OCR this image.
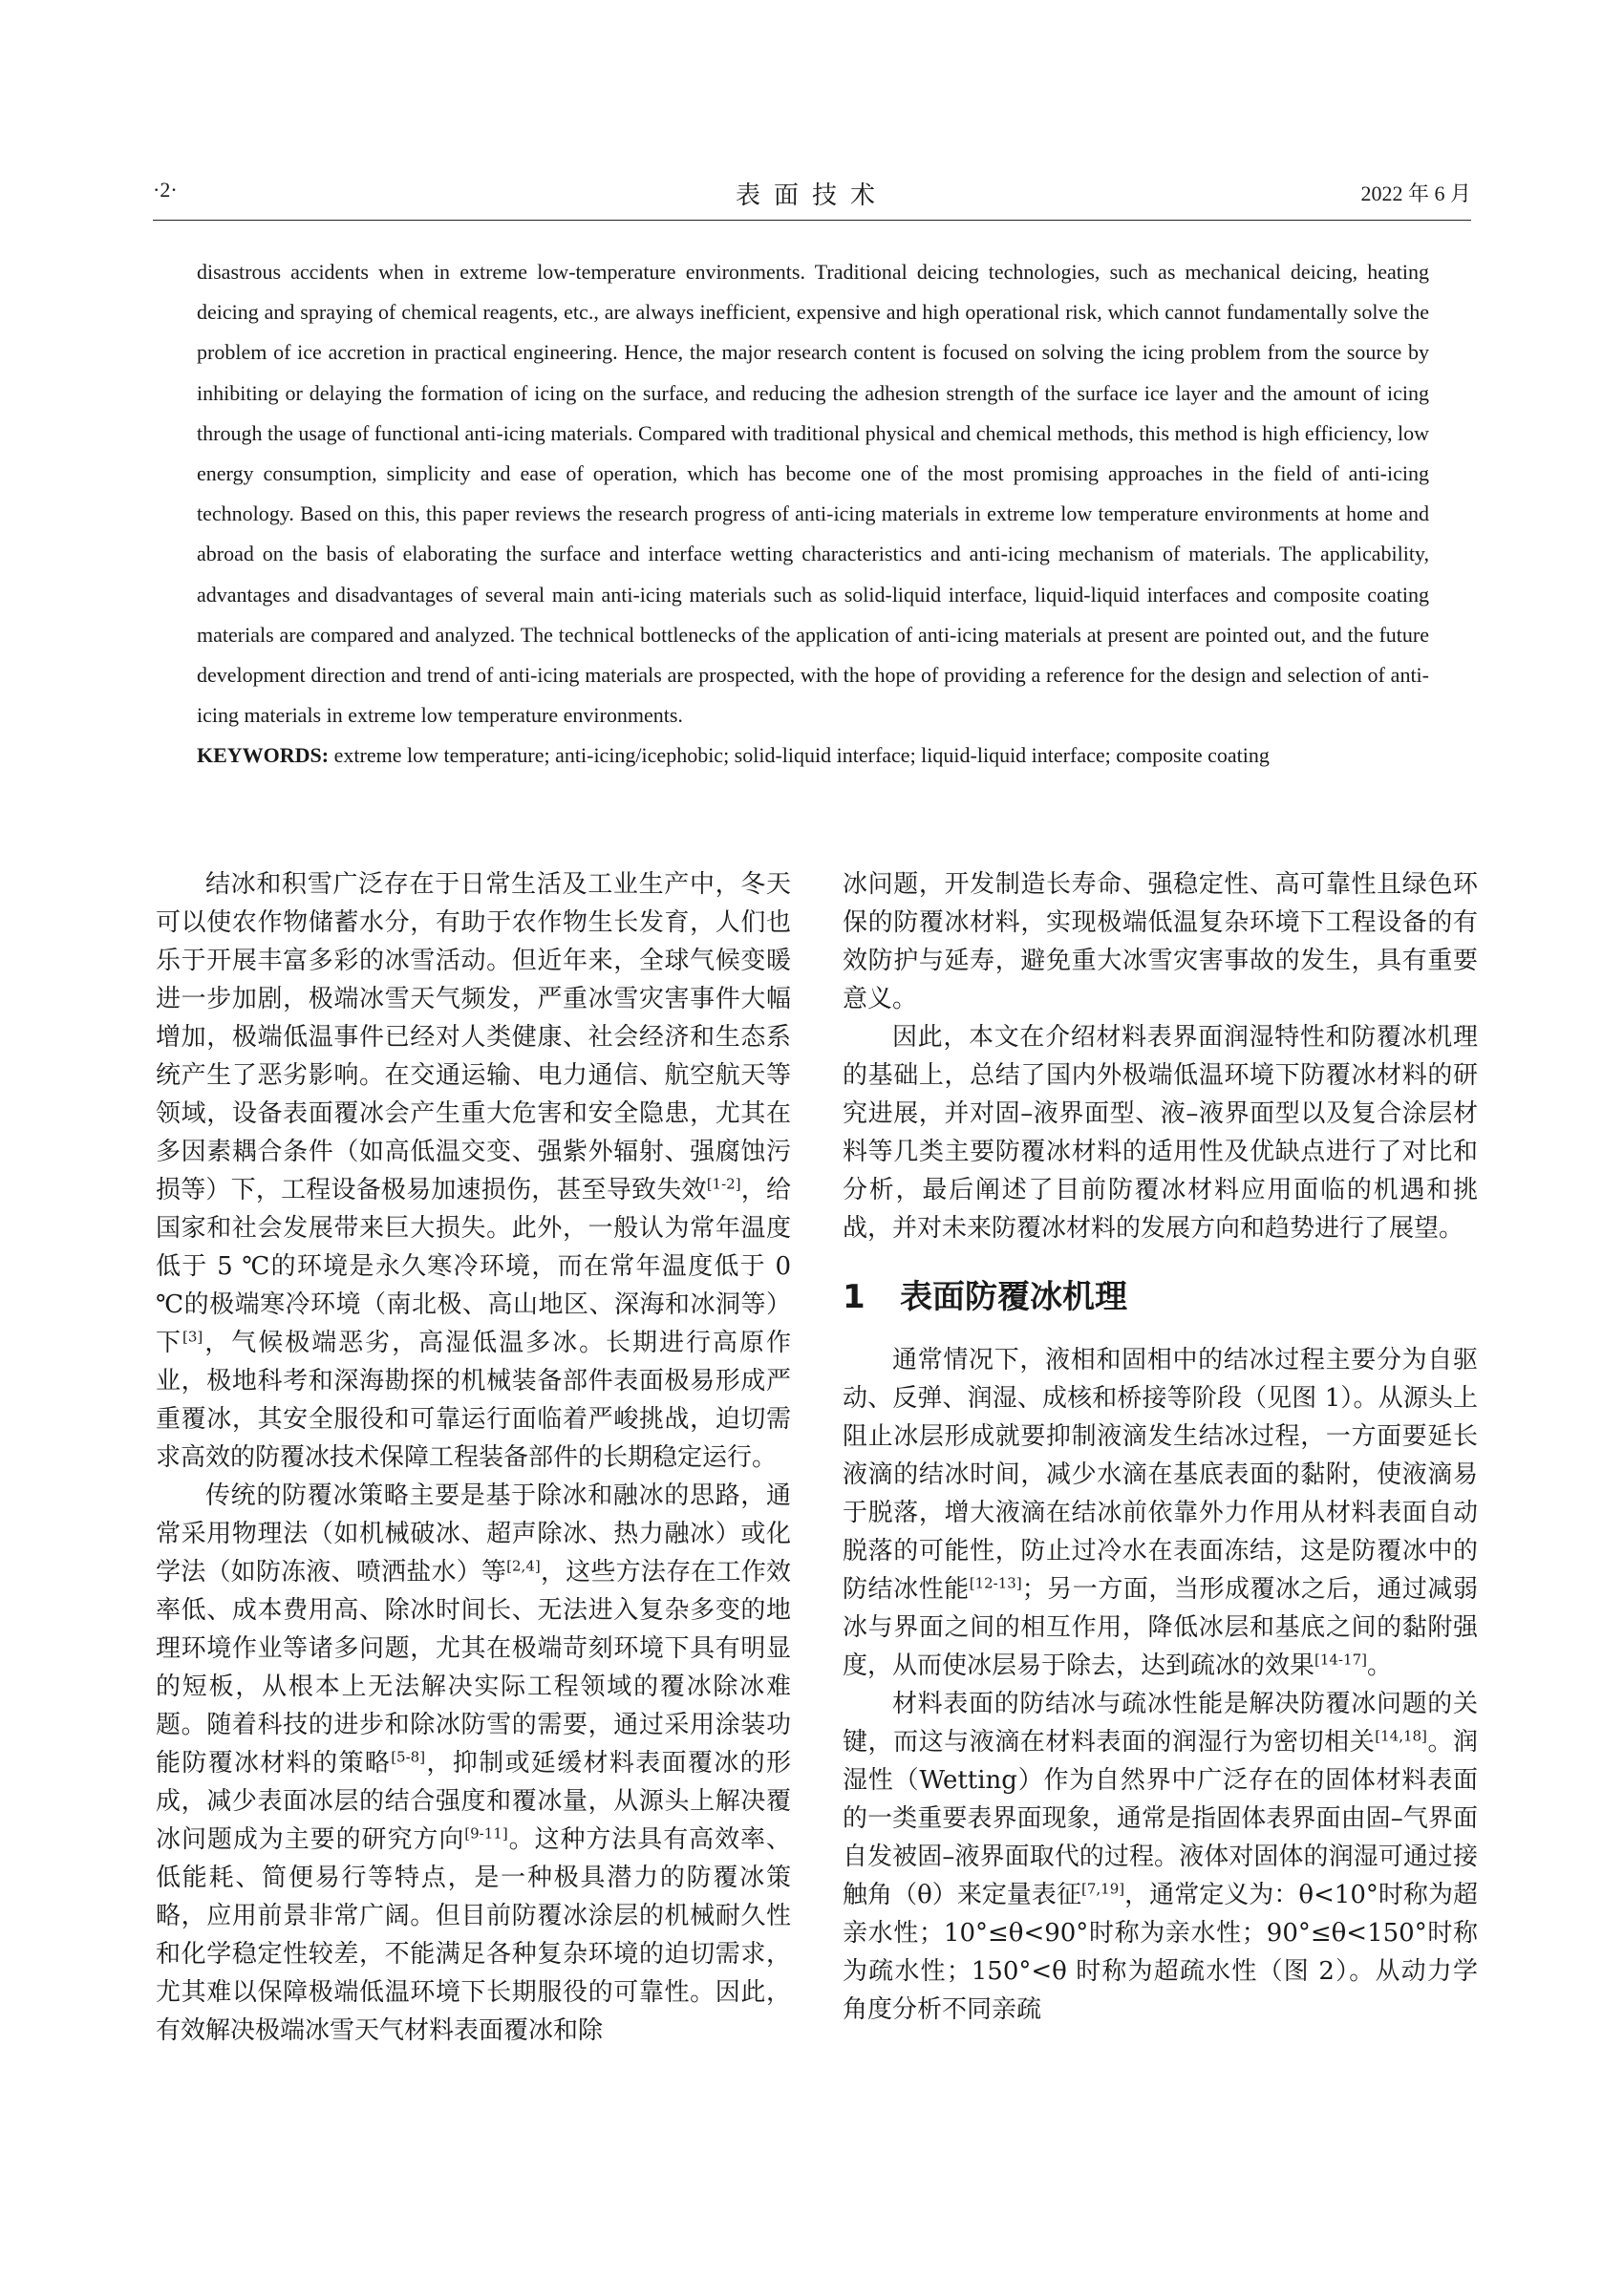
·2·	表面技术	2022 年 6 月

disastrous accidents when in extreme low-temperature environments. Traditional deicing technologies, such as mechanical deicing, heating deicing and spraying of chemical reagents, etc., are always inefficient, expensive and high operational risk, which cannot fundamentally solve the problem of ice accretion in practical engineering. Hence, the major research content is focused on solving the icing problem from the source by inhibiting or delaying the formation of icing on the surface, and reducing the adhesion strength of the surface ice layer and the amount of icing through the usage of functional anti-icing materials. Compared with traditional physical and chemical methods, this method is high efficiency, low energy consumption, simplicity and ease of operation, which has become one of the most promising approaches in the field of anti-icing technology. Based on this, this paper reviews the research progress of anti-icing materials in extreme low temperature environments at home and abroad on the basis of elaborating the surface and interface wetting characteristics and anti-icing mechanism of materials. The applicability, advantages and disadvantages of several main anti-icing materials such as solid-liquid interface, liquid-liquid interfaces and composite coating materials are compared and analyzed. The technical bottlenecks of the application of anti-icing materials at present are pointed out, and the future development direction and trend of anti-icing materials are prospected, with the hope of providing a reference for the design and selection of anti-icing materials in extreme low temperature environments.

KEYWORDS: extreme low temperature; anti-icing/icephobic; solid-liquid interface; liquid-liquid interface; composite coating

结冰和积雪广泛存在于日常生活及工业生产中，冬天可以使农作物储蓄水分，有助于农作物生长发育，人们也乐于开展丰富多彩的冰雪活动。但近年来，全球气候变暖进一步加剧，极端冰雪天气频发，严重冰雪灾害事件大幅增加，极端低温事件已经对人类健康、社会经济和生态系统产生了恶劣影响。在交通运输、电力通信、航空航天等领域，设备表面覆冰会产生重大危害和安全隐患，尤其在多因素耦合条件（如高低温交变、强紫外辐射、强腐蚀污损等）下，工程设备极易加速损伤，甚至导致失效[1-2]，给国家和社会发展带来巨大损失。此外，一般认为常年温度低于 5 ℃的环境是永久寒冷环境，而在常年温度低于 0 ℃的极端寒冷环境（南北极、高山地区、深海和冰洞等）下[3]，气候极端恶劣，高湿低温多冰。长期进行高原作业，极地科考和深海勘探的机械装备部件表面极易形成严重覆冰，其安全服役和可靠运行面临着严峻挑战，迫切需求高效的防覆冰技术保障工程装备部件的长期稳定运行。

传统的防覆冰策略主要是基于除冰和融冰的思路，通常采用物理法（如机械破冰、超声除冰、热力融冰）或化学法（如防冻液、喷洒盐水）等[2,4]，这些方法存在工作效率低、成本费用高、除冰时间长、无法进入复杂多变的地理环境作业等诸多问题，尤其在极端苛刻环境下具有明显的短板，从根本上无法解决实际工程领域的覆冰除冰难题。随着科技的进步和除冰防雪的需要，通过采用涂装功能防覆冰材料的策略[5-8]，抑制或延缓材料表面覆冰的形成，减少表面冰层的结合强度和覆冰量，从源头上解决覆冰问题成为主要的研究方向[9-11]。这种方法具有高效率、低能耗、简便易行等特点，是一种极具潜力的防覆冰策略，应用前景非常广阔。但目前防覆冰涂层的机械耐久性和化学稳定性较差，不能满足各种复杂环境的迫切需求，尤其难以保障极端低温环境下长期服役的可靠性。因此，有效解决极端冰雪天气材料表面覆冰和除

冰问题，开发制造长寿命、强稳定性、高可靠性且绿色环保的防覆冰材料，实现极端低温复杂环境下工程设备的有效防护与延寿，避免重大冰雪灾害事故的发生，具有重要意义。

因此，本文在介绍材料表界面润湿特性和防覆冰机理的基础上，总结了国内外极端低温环境下防覆冰材料的研究进展，并对固–液界面型、液–液界面型以及复合涂层材料等几类主要防覆冰材料的适用性及优缺点进行了对比和分析，最后阐述了目前防覆冰材料应用面临的机遇和挑战，并对未来防覆冰材料的发展方向和趋势进行了展望。

1 表面防覆冰机理

通常情况下，液相和固相中的结冰过程主要分为自驱动、反弹、润湿、成核和桥接等阶段（见图 1）。从源头上阻止冰层形成就要抑制液滴发生结冰过程，一方面要延长液滴的结冰时间，减少水滴在基底表面的黏附，使液滴易于脱落，增大液滴在结冰前依靠外力作用从材料表面自动脱落的可能性，防止过冷水在表面冻结，这是防覆冰中的防结冰性能[12-13]；另一方面，当形成覆冰之后，通过减弱冰与界面之间的相互作用，降低冰层和基底之间的黏附强度，从而使冰层易于除去，达到疏冰的效果[14-17]。

材料表面的防结冰与疏冰性能是解决防覆冰问题的关键，而这与液滴在材料表面的润湿行为密切相关[14,18]。润湿性（Wetting）作为自然界中广泛存在的固体材料表面的一类重要表界面现象，通常是指固体表界面由固–气界面自发被固–液界面取代的过程。液体对固体的润湿可通过接触角（θ）来定量表征[7,19]，通常定义为：θ<10°时称为超亲水性；10°≤θ<90°时称为亲水性；90°≤θ<150°时称为疏水性；150°<θ 时称为超疏水性（图 2）。从动力学角度分析不同亲疏
